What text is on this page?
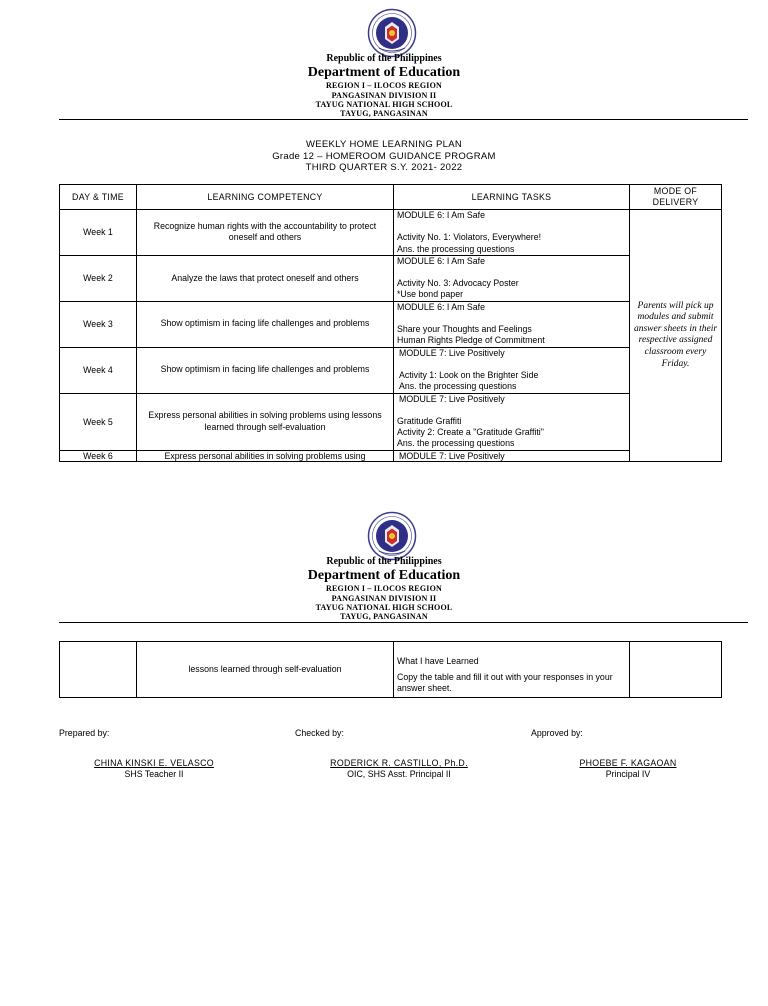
Republic of the Philippines
Department of Education
REGION I – ILOCOS REGION
PANGASINAN DIVISION II
TAYUG NATIONAL HIGH SCHOOL
TAYUG, PANGASINAN
WEEKLY HOME LEARNING PLAN
Grade 12 – HOMEROOM GUIDANCE PROGRAM
THIRD QUARTER S.Y. 2021- 2022
DAY & TIME	LEARNING COMPETENCY	LEARNING TASKS	MODE OF DELIVERY
Week 1	Recognize human rights with the accountability to protect oneself and others	MODULE 6: I Am Safe
Activity No. 1: Violators, Everywhere!
Ans. the processing questions	Parents will pick up modules and submit answer sheets in their respective assigned classroom every Friday.

Week 2	Analyze the laws that protect oneself and others	MODULE 6: I Am Safe
Activity No. 3: Advocacy Poster
*Use bond paper	

Week 3	Show optimism in facing life challenges and problems	MODULE 6: I Am Safe
Share your Thoughts and Feelings
Human Rights Pledge of Commitment	

Week 4	Show optimism in facing life challenges and problems	MODULE 7: Live Positively
Activity 1: Look on the Brighter Side
Ans. the processing questions	

Week 5	Express personal abilities in solving problems using lessons learned through self-evaluation	MODULE 7: Live Positively
Gratitude Graffiti
Activity 2: Create a "Gratitude Graffiti"
Ans. the processing questions	

Week 6	Express personal abilities in solving problems using	MODULE 7: Live Positively	
Republic of the Philippines
Department of Education
REGION I – ILOCOS REGION
PANGASINAN DIVISION II
TAYUG NATIONAL HIGH SCHOOL
TAYUG, PANGASINAN
	lessons learned through self-evaluation	
What I have Learned
Copy the table and fill it out with your responses in your answer sheet.

Prepared by:	Checked by:	Approved by:
CHINA KINSKI E. VELASCO
SHS Teacher II
RODERICK R. CASTILLO, Ph.D.
OIC, SHS Asst. Principal II
PHOEBE F. KAGAOAN
Principal IV
